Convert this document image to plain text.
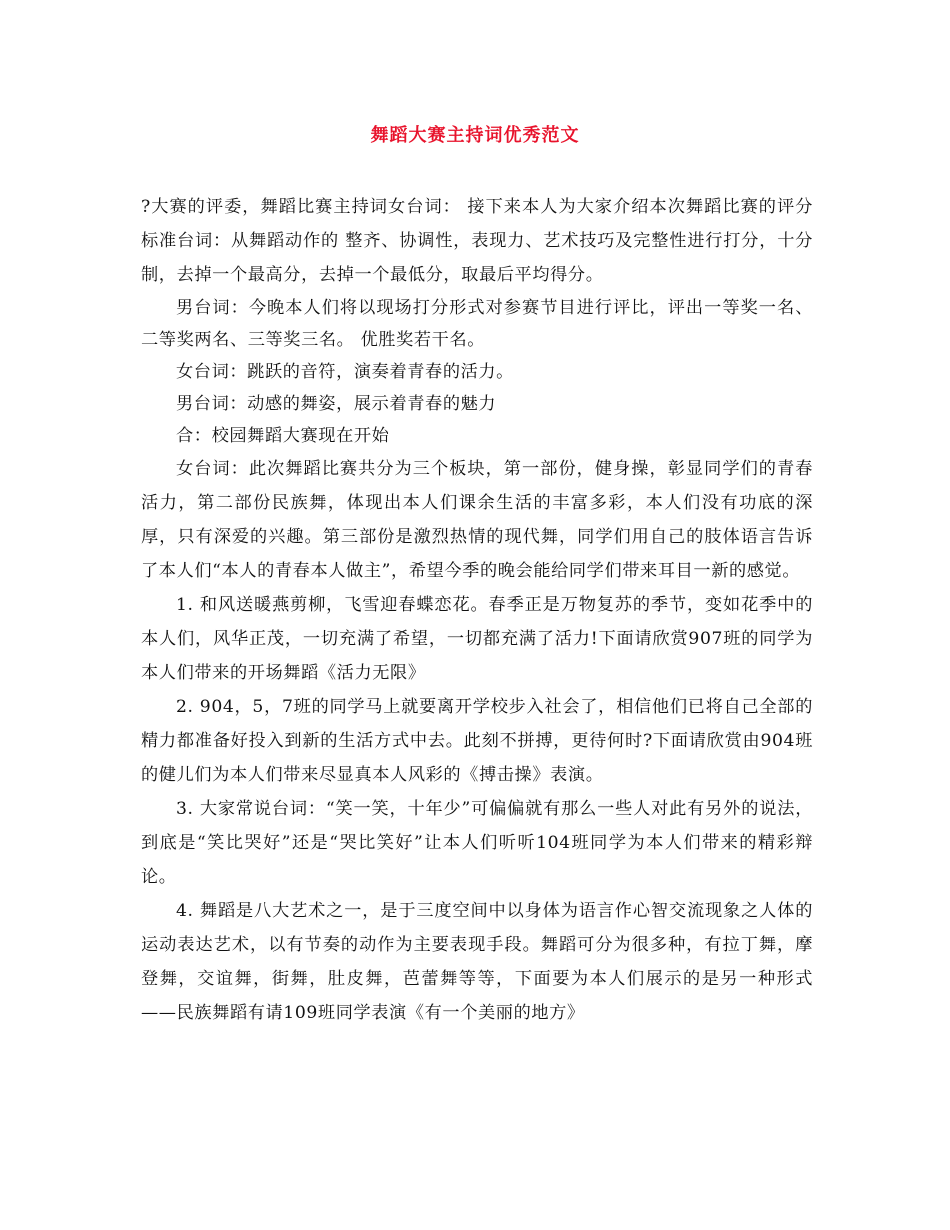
舞蹈大赛主持词优秀范文

?大赛的评委，舞蹈比赛主持词女台词： 接下来本人为大家介绍本次舞蹈比赛的评分标准台词：从舞蹈动作的 整齐、协调性，表现力、艺术技巧及完整性进行打分，十分制，去掉一个最高分，去掉一个最低分，取最后平均得分。

男台词：今晚本人们将以现场打分形式对参赛节目进行评比，评出一等奖一名、二等奖两名、三等奖三名。 优胜奖若干名。

女台词：跳跃的音符，演奏着青春的活力。

男台词：动感的舞姿，展示着青春的魅力

合：校园舞蹈大赛现在开始

女台词：此次舞蹈比赛共分为三个板块，第一部份，健身操，彰显同学们的青春活力，第二部份民族舞，体现出本人们课余生活的丰富多彩，本人们没有功底的深厚，只有深爱的兴趣。第三部份是激烈热情的现代舞，同学们用自己的肢体语言告诉了本人们“本人的青春本人做主”，希望今季的晚会能给同学们带来耳目一新的感觉。

1. 和风送暖燕剪柳，飞雪迎春蝶恋花。春季正是万物复苏的季节，变如花季中的本人们，风华正茂，一切充满了希望，一切都充满了活力!下面请欣赏907班的同学为本人们带来的开场舞蹈《活力无限》

2. 904，5，7班的同学马上就要离开学校步入社会了，相信他们已将自己全部的精力都准备好投入到新的生活方式中去。此刻不拼搏，更待何时?下面请欣赏由904班的健儿们为本人们带来尽显真本人风彩的《搏击操》表演。

3. 大家常说台词：“笑一笑，十年少”可偏偏就有那么一些人对此有另外的说法，到底是“笑比哭好”还是“哭比笑好”让本人们听听104班同学为本人们带来的精彩辩论。

4. 舞蹈是八大艺术之一，是于三度空间中以身体为语言作心智交流现象之人体的运动表达艺术，以有节奏的动作为主要表现手段。舞蹈可分为很多种，有拉丁舞，摩登舞，交谊舞，街舞，肚皮舞，芭蕾舞等等，下面要为本人们展示的是另一种形式——民族舞蹈有请109班同学表演《有一个美丽的地方》
